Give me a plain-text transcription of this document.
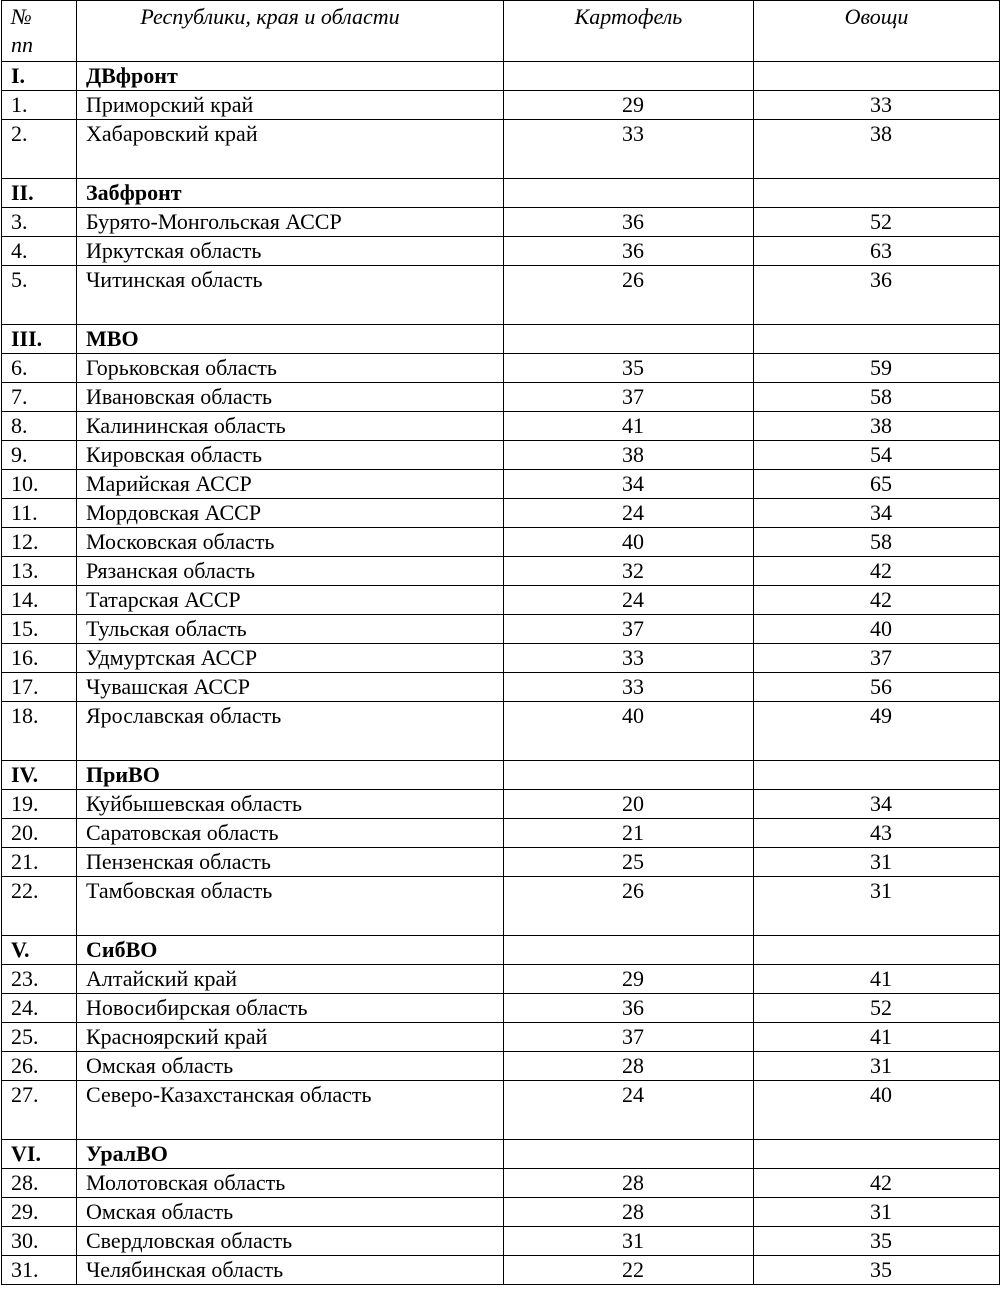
№
пп	Республики, края и области	Картофель	Овощи
I.	ДВфронт		
1.	Приморский край	29	33
2.	Хабаровский край	33	38
II.	Забфронт		
3.	Бурято-Монгольская АССР	36	52
4.	Иркутская область	36	63
5.	Читинская область	26	36
III.	МВО		
6.	Горьковская область	35	59
7.	Ивановская область	37	58
8.	Калининская область	41	38
9.	Кировская область	38	54
10.	Марийская АССР	34	65
11.	Мордовская АССР	24	34
12.	Московская область	40	58
13.	Рязанская область	32	42
14.	Татарская АССР	24	42
15.	Тульская область	37	40
16.	Удмуртская АССР	33	37
17.	Чувашская АССР	33	56
18.	Ярославская область	40	49
IV.	ПриВО		
19.	Куйбышевская область	20	34
20.	Саратовская область	21	43
21.	Пензенская область	25	31
22.	Тамбовская область	26	31
V.	СибВО		
23.	Алтайский край	29	41
24.	Новосибирская область	36	52
25.	Красноярский край	37	41
26.	Омская область	28	31
27.	Северо-Казахстанская область	24	40
VI.	УралВО		
28.	Молотовская область	28	42
29.	Омская область	28	31
30.	Свердловская область	31	35
31.	Челябинская область	22	35
